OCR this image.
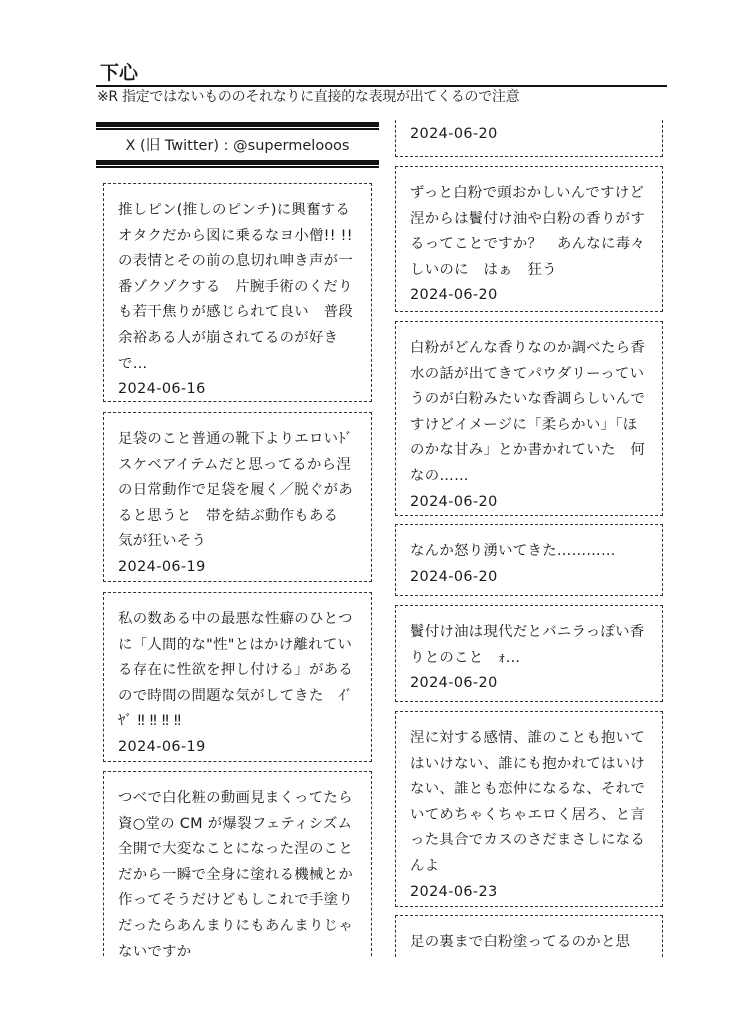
下心
※R 指定ではないもののそれなりに直接的な表現が出てくるので注意
X (旧 Twitter) : @supermelooos
推しピン(推しのピンチ)に興奮するオタクだから図に乗るなヨ小僧!! !!の表情とその前の息切れ呻き声が一番ゾクゾクする　片腕手術のくだりも若干焦りが感じられて良い　普段余裕ある人が崩されてるのが好きで…
2024-06-16
足袋のこと普通の靴下よりエロいﾄﾞスケベアイテムだと思ってるから涅の日常動作で足袋を履く／脱ぐがあると思うと　帯を結ぶ動作もある　気が狂いそう
2024-06-19
私の数ある中の最悪な性癖のひとつに「人間的な"性"とはかけ離れている存在に性欲を押し付ける」があるので時間の問題な気がしてきた　ｲﾞﾔﾞ ‼ ‼ ‼ ‼
2024-06-19
つべで白化粧の動画見まくってたら資○堂の CM が爆裂フェティシズム全開で大変なことになった涅のことだから一瞬で全身に塗れる機械とか作ってそうだけどもしこれで手塗りだったらあんまりにもあんまりじゃないですか
2024-06-20
ずっと白粉で頭おかしいんですけど　涅からは鬢付け油や白粉の香りがするってことですか？　あんなに毒々しいのに　はぁ　狂う
2024-06-20
白粉がどんな香りなのか調べたら香水の話が出てきてパウダリーっていうのが白粉みたいな香調らしいんですけどイメージに「柔らかい」「ほのかな甘み」とか書かれていた　何なの……
2024-06-20
なんか怒り湧いてきた…………
2024-06-20
鬢付け油は現代だとバニラっぽい香りとのこと　ｫ…
2024-06-20
涅に対する感情、誰のことも抱いてはいけない、誰にも抱かれてはいけない、誰とも恋仲になるな、それでいてめちゃくちゃエロく居ろ、と言った具合でカスのさだまさしになるんよ
2024-06-23
足の裏まで白粉塗ってるのかと思
